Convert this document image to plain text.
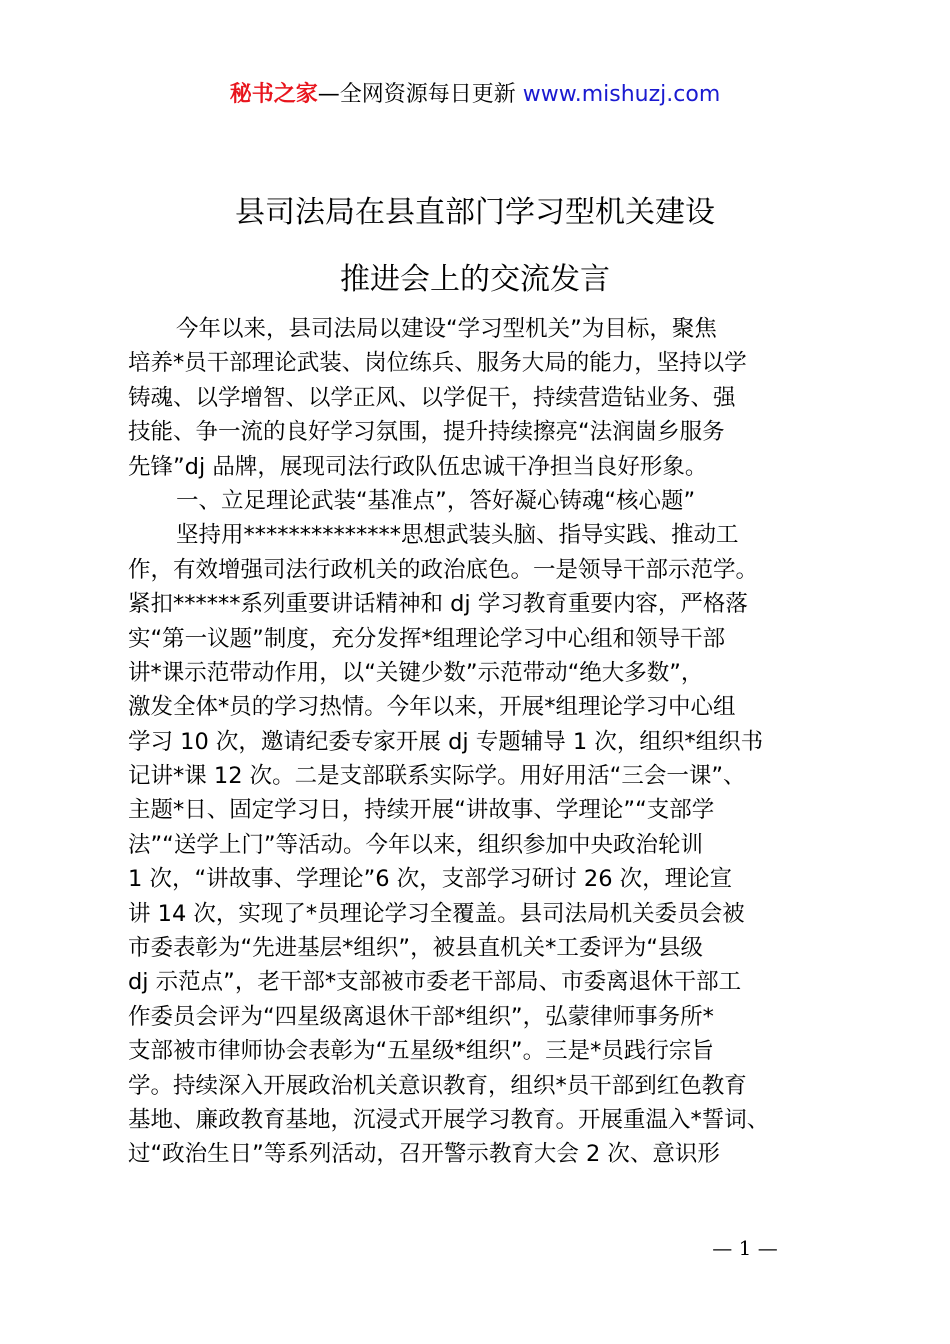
秘书之家—全网资源每日更新 www.mishuzj.com
县司法局在县直部门学习型机关建设
推进会上的交流发言
今年以来，县司法局以建设“学习型机关”为目标，聚焦
培养*员干部理论武装、岗位练兵、服务大局的能力，坚持以学
铸魂、以学增智、以学正风、以学促干，持续营造钻业务、强
技能、争一流的良好学习氛围，提升持续擦亮“法润崮乡服务
先锋”dj 品牌，展现司法行政队伍忠诚干净担当良好形象。
一、立足理论武装“基准点”，答好凝心铸魂“核心题”
坚持用**************思想武装头脑、指导实践、推动工
作，有效增强司法行政机关的政治底色。一是领导干部示范学。
紧扣******系列重要讲话精神和 dj 学习教育重要内容，严格落
实“第一议题”制度，充分发挥*组理论学习中心组和领导干部
讲*课示范带动作用，以“关键少数”示范带动“绝大多数”，
激发全体*员的学习热情。今年以来，开展*组理论学习中心组
学习 10 次，邀请纪委专家开展 dj 专题辅导 1 次，组织*组织书
记讲*课 12 次。二是支部联系实际学。用好用活“三会一课”、
主题*日、固定学习日，持续开展“讲故事、学理论”“支部学
法”“送学上门”等活动。今年以来，组织参加中央政治轮训
1 次，“讲故事、学理论”6 次，支部学习研讨 26 次，理论宣
讲 14 次，实现了*员理论学习全覆盖。县司法局机关委员会被
市委表彰为“先进基层*组织”，被县直机关*工委评为“县级
dj 示范点”，老干部*支部被市委老干部局、市委离退休干部工
作委员会评为“四星级离退休干部*组织”，弘蒙律师事务所*
支部被市律师协会表彰为“五星级*组织”。三是*员践行宗旨
学。持续深入开展政治机关意识教育，组织*员干部到红色教育
基地、廉政教育基地，沉浸式开展学习教育。开展重温入*誓词、
过“政治生日”等系列活动，召开警示教育大会 2 次、意识形
— 1 —
